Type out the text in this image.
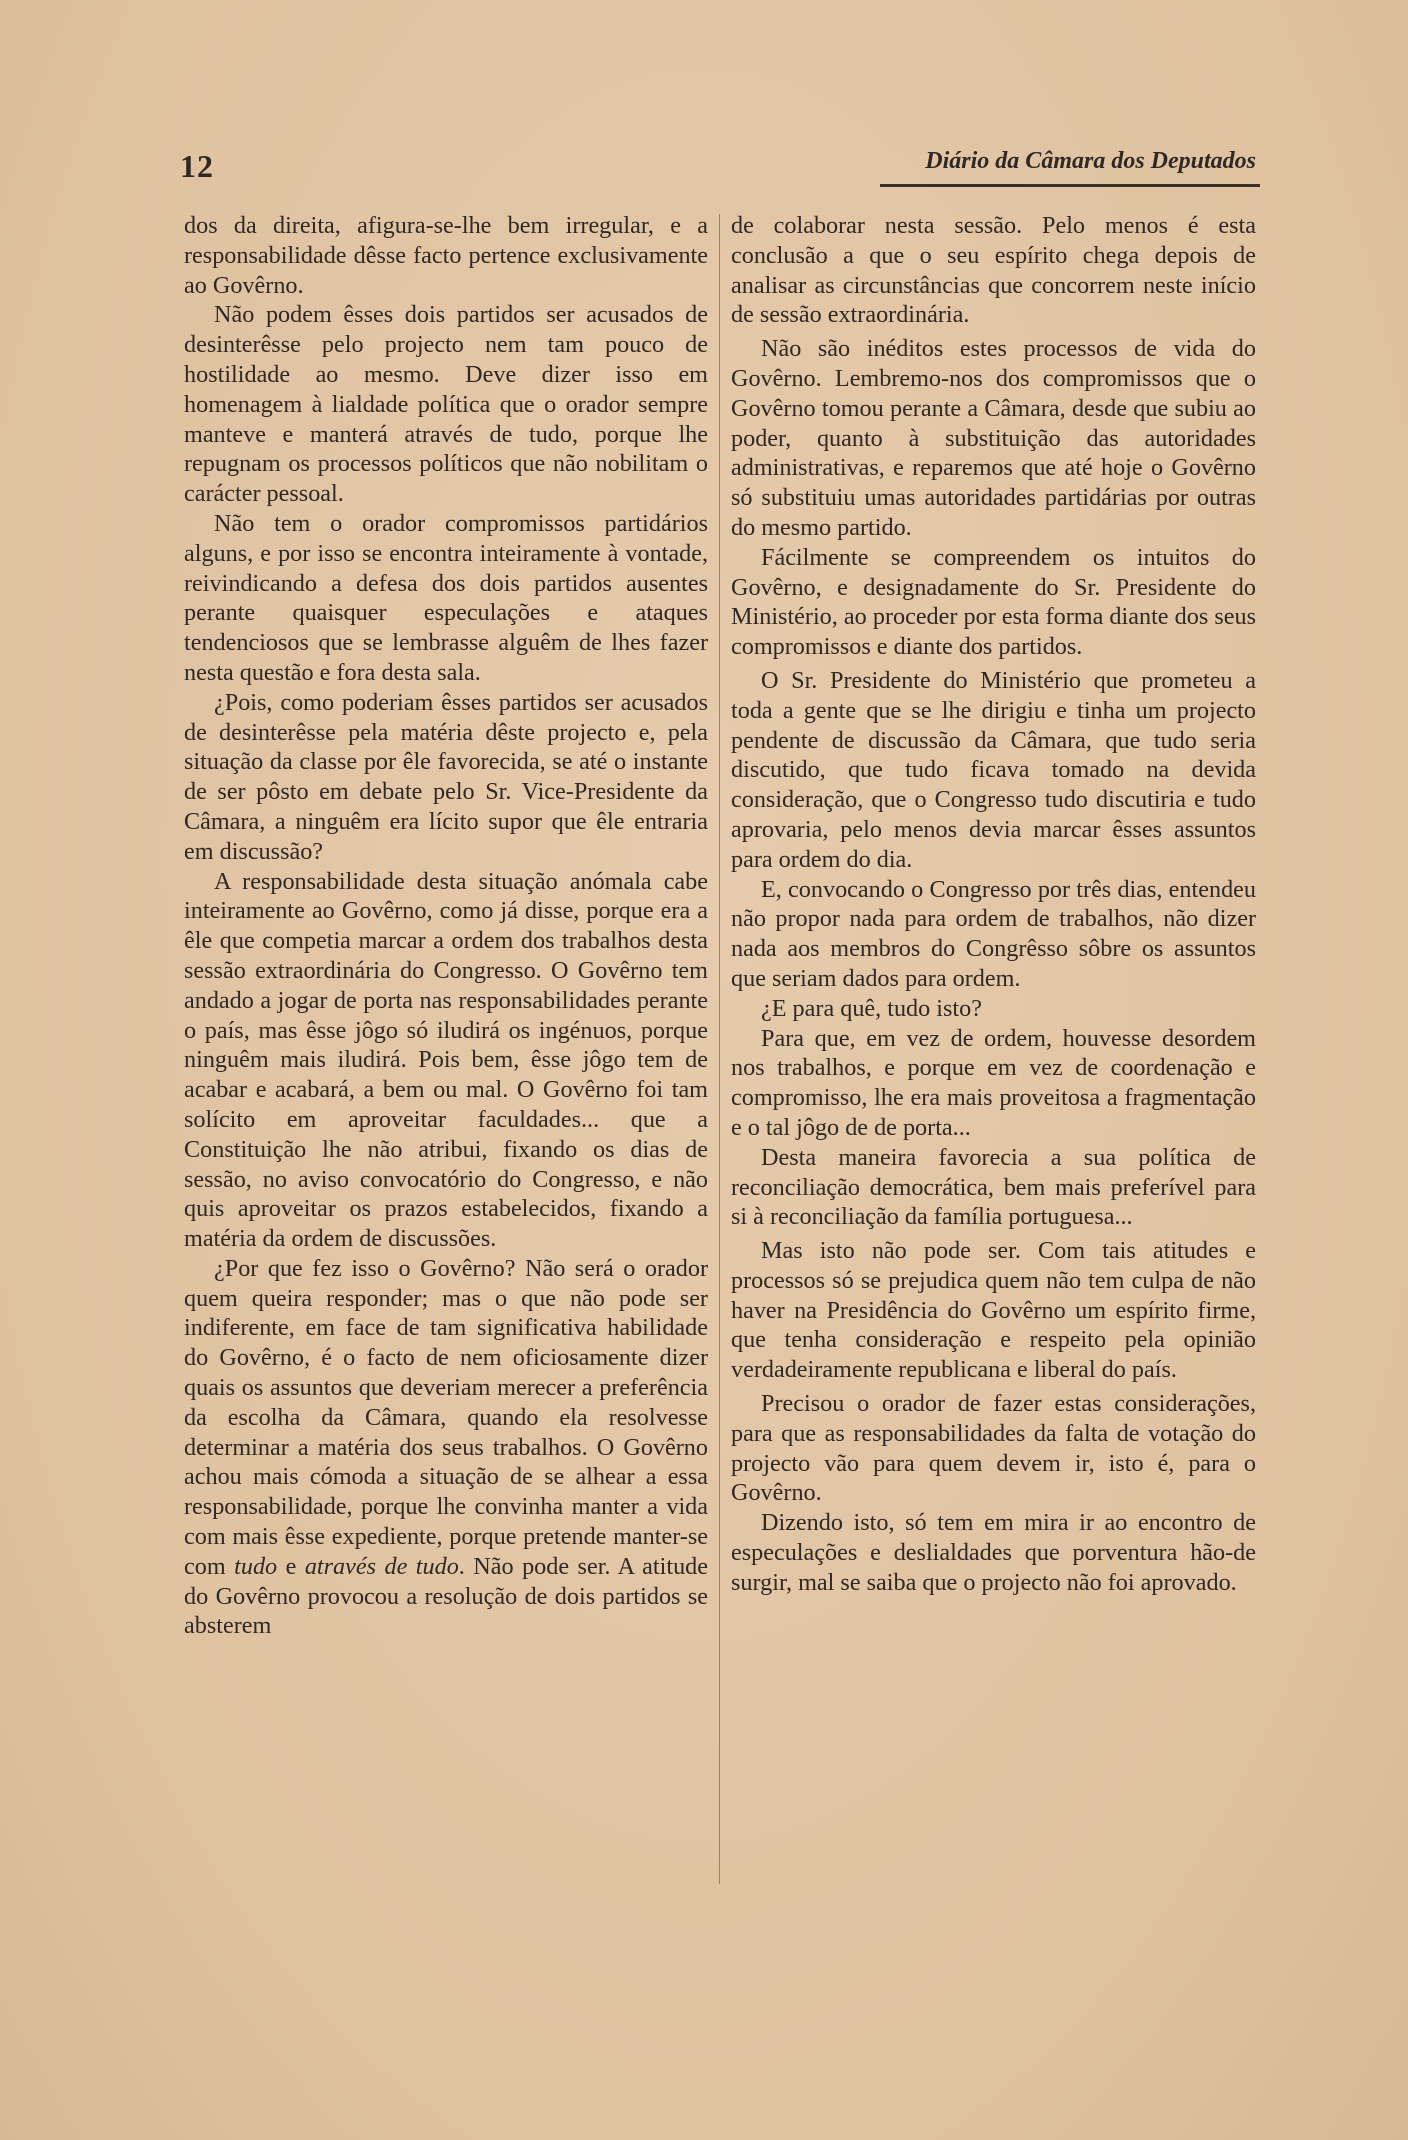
12	Diário da Câmara dos Deputados

dos da direita, afigura-se-lhe bem irregular, e a responsabilidade dêsse facto pertence exclusivamente ao Govêrno.

Não podem êsses dois partidos ser acusados de desinterêsse pelo projecto nem tam pouco de hostilidade ao mesmo. Deve dizer isso em homenagem à lialdade política que o orador sempre manteve e manterá através de tudo, porque lhe repugnam os processos políticos que não nobilitam o carácter pessoal.

Não tem o orador compromissos partidários alguns, e por isso se encontra inteiramente à vontade, reivindicando a defesa dos dois partidos ausentes perante quaisquer especulações e ataques tendenciosos que se lembrasse alguêm de lhes fazer nesta questão e fora desta sala.

¿Pois, como poderiam êsses partidos ser acusados de desinterêsse pela matéria dêste projecto e, pela situação da classe por êle favorecida, se até o instante de ser pôsto em debate pelo Sr. Vice-Presidente da Câmara, a ninguêm era lícito supor que êle entraria em discussão?

A responsabilidade desta situação anómala cabe inteiramente ao Govêrno, como já disse, porque era a êle que competia marcar a ordem dos trabalhos desta sessão extraordinária do Congresso. O Govêrno tem andado a jogar de porta nas responsabilidades perante o país, mas êsse jôgo só iludirá os ingénuos, porque ninguêm mais iludirá. Pois bem, êsse jôgo tem de acabar e acabará, a bem ou mal. O Govêrno foi tam solícito em aproveitar faculdades... que a Constituição lhe não atribui, fixando os dias de sessão, no aviso convocatório do Congresso, e não quis aproveitar os prazos estabelecidos, fixando a matéria da ordem de discussões.

¿Por que fez isso o Govêrno? Não será o orador quem queira responder; mas o que não pode ser indiferente, em face de tam significativa habilidade do Govêrno, é o facto de nem oficiosamente dizer quais os assuntos que deveriam merecer a preferência da escolha da Câmara, quando ela resolvesse determinar a matéria dos seus trabalhos. O Govêrno achou mais cómoda a situação de se alhear a essa responsabilidade, porque lhe convinha manter a vida com mais êsse expediente, porque pretende manter-se com tudo e através de tudo. Não pode ser. A atitude do Govêrno provocou a resolução de dois partidos se absterem

de colaborar nesta sessão. Pelo menos é esta conclusão a que o seu espírito chega depois de analisar as circunstâncias que concorrem neste início de sessão extraordinária.

Não são inéditos estes processos de vida do Govêrno. Lembremo-nos dos compromissos que o Govêrno tomou perante a Câmara, desde que subiu ao poder, quanto à substituição das autoridades administrativas, e reparemos que até hoje o Govêrno só substituiu umas autoridades partidárias por outras do mesmo partido.

Fácilmente se compreendem os intuitos do Govêrno, e designadamente do Sr. Presidente do Ministério, ao proceder por esta forma diante dos seus compromissos e diante dos partidos.

O Sr. Presidente do Ministério que prometeu a toda a gente que se lhe dirigiu e tinha um projecto pendente de discussão da Câmara, que tudo seria discutido, que tudo ficava tomado na devida consideração, que o Congresso tudo discutiria e tudo aprovaria, pelo menos devia marcar êsses assuntos para ordem do dia.

E, convocando o Congresso por três dias, entendeu não propor nada para ordem de trabalhos, não dizer nada aos membros do Congrêsso sôbre os assuntos que seriam dados para ordem.

¿E para quê, tudo isto?

Para que, em vez de ordem, houvesse desordem nos trabalhos, e porque em vez de coordenação e compromisso, lhe era mais proveitosa a fragmentação e o tal jôgo de de porta...

Desta maneira favorecia a sua política de reconciliação democrática, bem mais preferível para si à reconciliação da família portuguesa...

Mas isto não pode ser. Com tais atitudes e processos só se prejudica quem não tem culpa de não haver na Presidência do Govêrno um espírito firme, que tenha consideração e respeito pela opinião verdadeiramente republicana e liberal do país.

Precisou o orador de fazer estas considerações, para que as responsabilidades da falta de votação do projecto vão para quem devem ir, isto é, para o Govêrno.

Dizendo isto, só tem em mira ir ao encontro de especulações e deslialdades que porventura hão-de surgir, mal se saiba que o projecto não foi aprovado.
